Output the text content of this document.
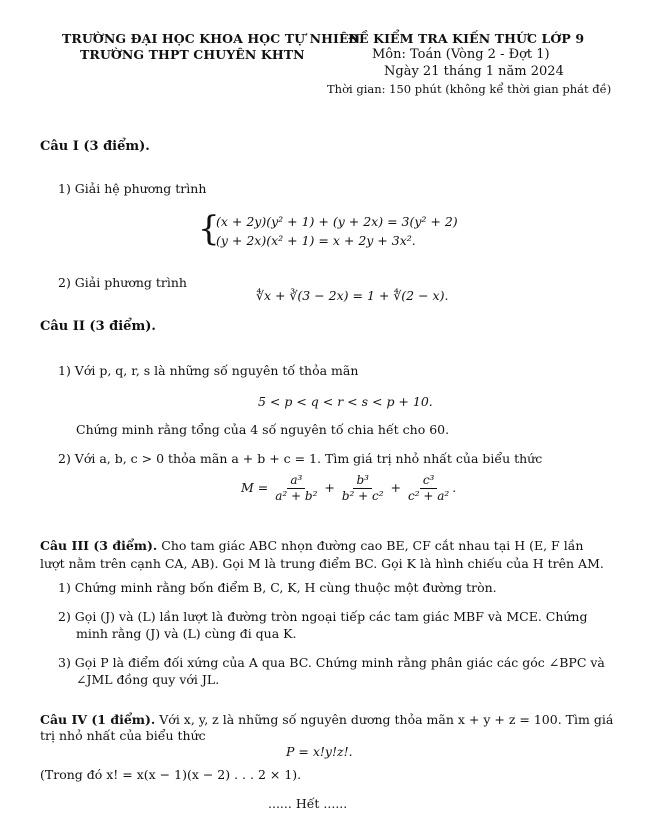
TRƯỜNG ĐẠI HỌC KHOA HỌC TỰ NHIÊN
TRƯỜNG THPT CHUYÊN KHTN
ĐỀ KIỂM TRA KIẾN THỨC LỚP 9
Môn: Toán (Vòng 2 - Đợt 1)
Ngày 21 tháng 1 năm 2024
Thời gian: 150 phút (không kể thời gian phát đề)
Câu I (3 điểm).
1) Giải hệ phương trình
{
(x + 2y)(y² + 1) + (y + 2x) = 3(y² + 2)
(y + 2x)(x² + 1) = x + 2y + 3x².
2) Giải phương trình
∜x + ∛(3 − 2x) = 1 + ∜(2 − x).
Câu II (3 điểm).
1) Với p, q, r, s là những số nguyên tố thỏa mãn
5 < p < q < r < s < p + 10.
Chứng minh rằng tổng của 4 số nguyên tố chia hết cho 60.
2) Với a, b, c > 0 thỏa mãn a + b + c = 1. Tìm giá trị nhỏ nhất của biểu thức
$M = \frac{\text{a³}}{\text{a² + b²}} + \frac{\text{b³}}{\text{b² + c²}} + \frac{\text{c³}}{\text{c² + a²}}$ .
Câu III (3 điểm). Cho tam giác ABC nhọn đường cao BE, CF cắt nhau tại H (E, F lần
lượt nằm trên cạnh CA, AB). Gọi M là trung điểm BC. Gọi K là hình chiếu của H trên AM.
1) Chứng minh rằng bốn điểm B, C, K, H cùng thuộc một đường tròn.
2) Gọi (J) và (L) lần lượt là đường tròn ngoại tiếp các tam giác MBF và MCE. Chứng
minh rằng (J) và (L) cùng đi qua K.
3) Gọi P là điểm đối xứng của A qua BC. Chứng minh rằng phân giác các góc ∠BPC và
∠JML đồng quy với JL.
Câu IV (1 điểm). Với x, y, z là những số nguyên dương thỏa mãn x + y + z = 100. Tìm giá
trị nhỏ nhất của biểu thức
P = x!y!z!.
(Trong đó x! = x(x − 1)(x − 2) . . . 2 × 1).
...... Hết ......
